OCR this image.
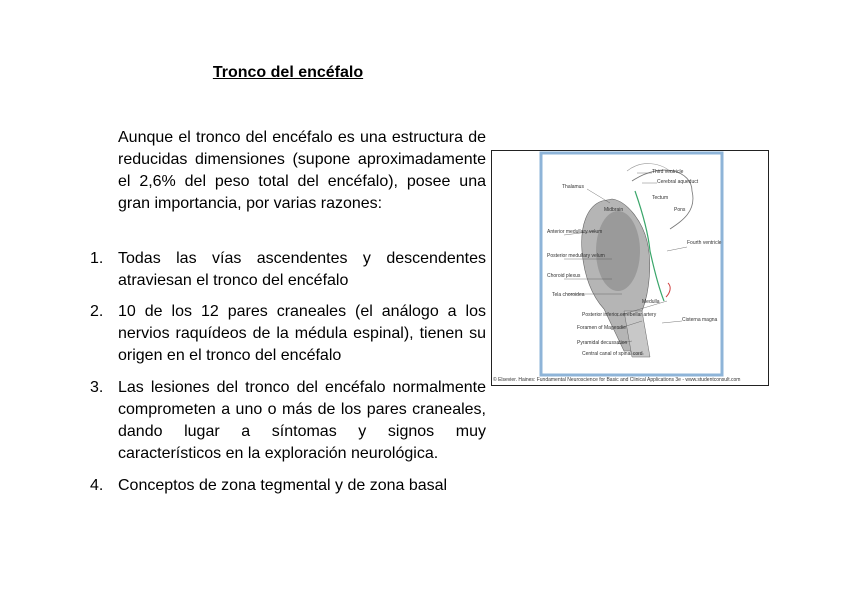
Tronco del encéfalo

Aunque el tronco del encéfalo es una estructura de reducidas dimensiones (supone aproximadamente el 2,6% del peso total del encéfalo), posee una gran importancia, por varias razones:

1. Todas las vías ascendentes y descendentes atraviesan el tronco del encéfalo
2. 10 de los 12 pares craneales (el análogo a los nervios raquídeos de la médula espinal), tienen su origen en el tronco del encéfalo
3. Las lesiones del tronco del encéfalo normalmente comprometen a uno o más de los pares craneales, dando lugar a síntomas y signos muy característicos en la exploración neurológica.
4. Conceptos de zona tegmental y de zona basal
Third ventricle
Cerebral aqueduct
Thalamus
Tectum
Midbrain
Anterior medullary velum
Fourth ventricle
Posterior medullary velum
Choroid plexus
Tela choroidea
Medulla
Posterior inferior cerebellar artery
Foramen of Magendie
Cisterna magna
Pyramidal decussation
Central canal of spinal cord
Pons
© Elsevier. Haines: Fundamental Neuroscience for Basic and Clinical Applications 3e - www.studentconsult.com
